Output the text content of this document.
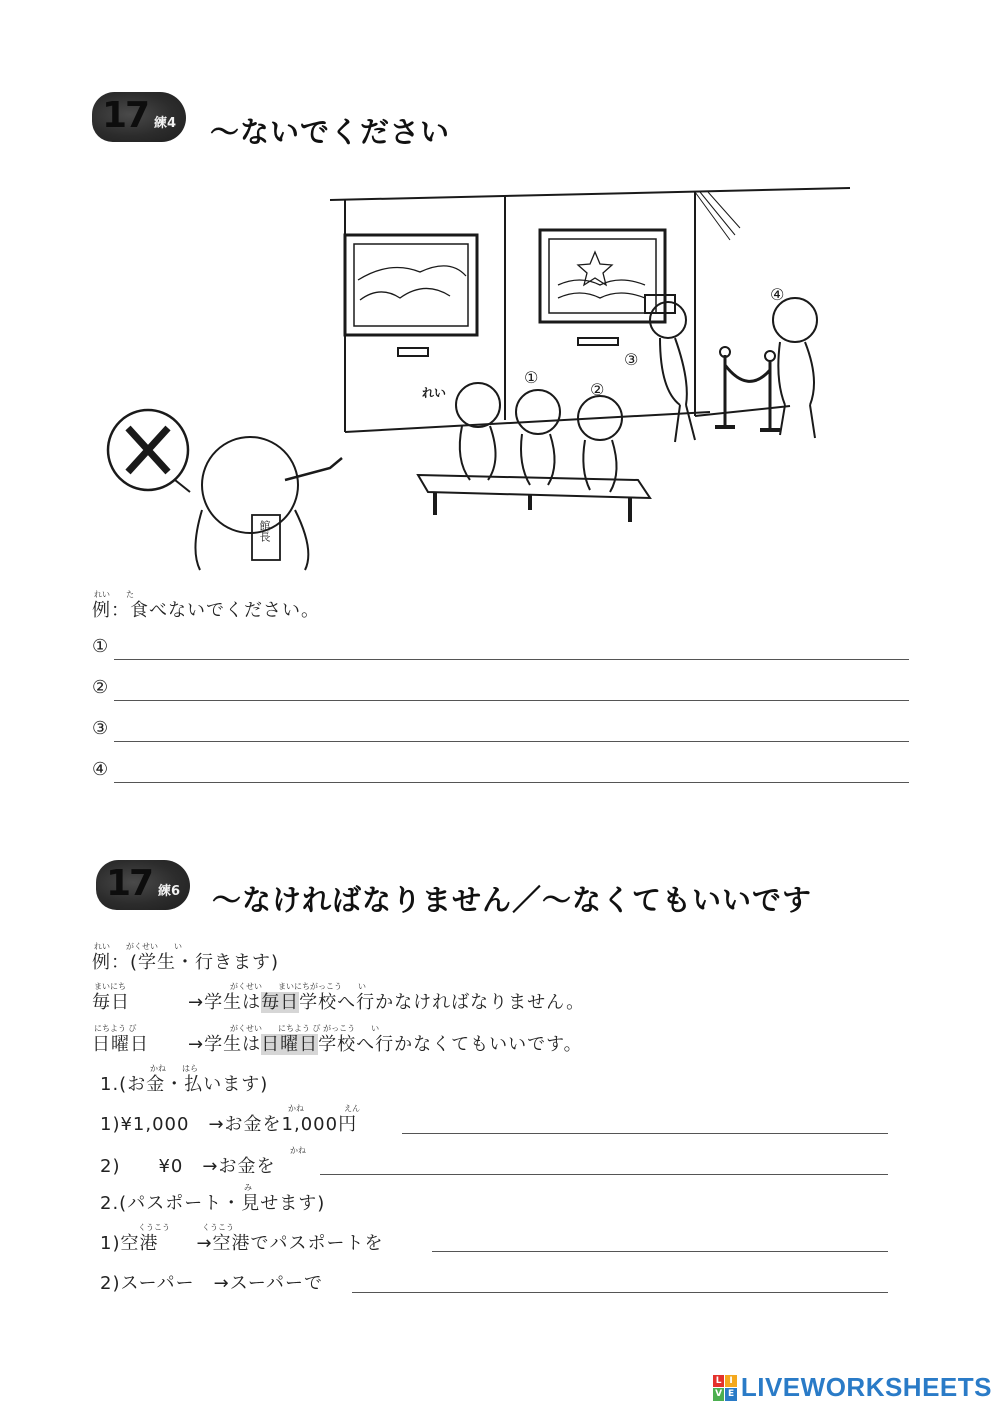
17 練4 〜ないでください
れい
①
②
③
④
館長
れい　　た
例：食べないでください。
①
②
③
④
17 練6 〜なければなりません／〜なくてもいいです
れい　　がくせい　　い
例：(学生・行きます)
まいにち	がくせい　　まいにちがっこう　　い
毎日	→学生は毎日学校へ行かなければなりません。
にちよう び	がくせい　　にちよう び がっこう　　い
日曜日 →学生は日曜日学校へ行かなくてもいいです。
かね　　はら
1.(お金・払います)
かね　　　　　えん
1)¥1,000　→お金を1,000円
かね
2)　　¥0　→お金を
み
2.(パスポート・見せます)
くうこう　　　　くうこう
1)空港　　→空港でパスポートを
2)スーパー　→スーパーで
L I
V E LIVEWORKSHEETS
